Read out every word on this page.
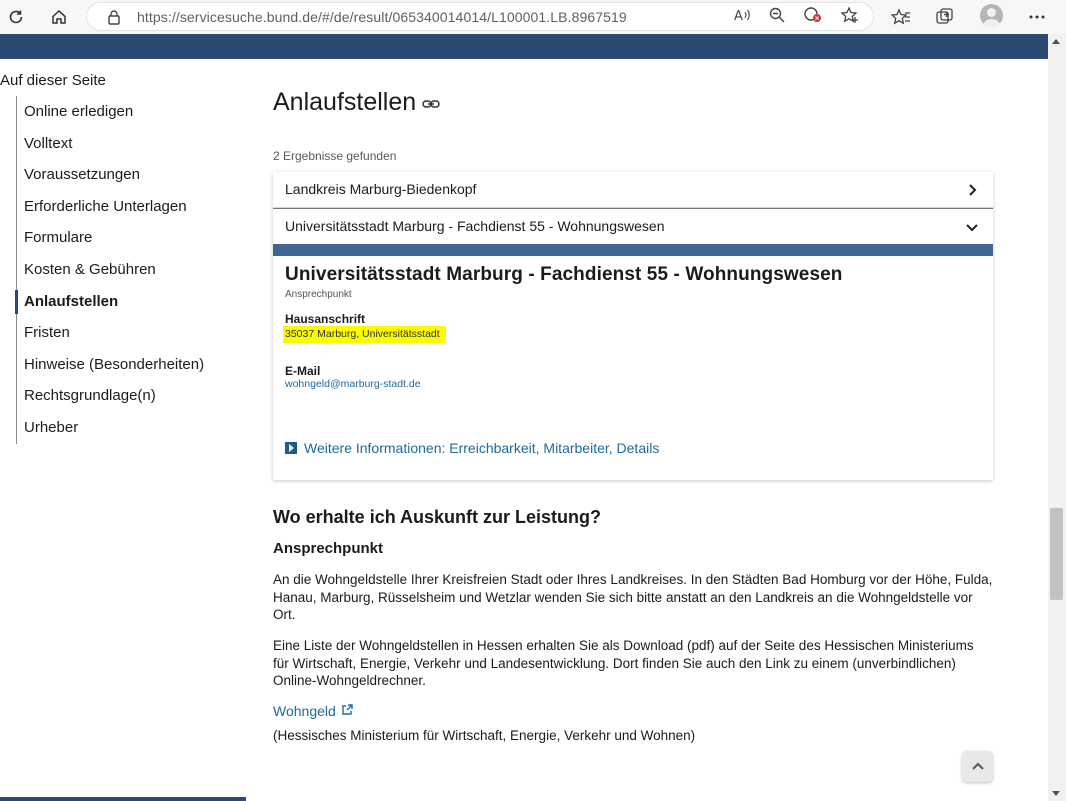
https://servicesuche.bund.de/#/de/result/065340014014/L100001.LB.8967519	A
Auf dieser Seite
Online erledigen
Volltext
Voraussetzungen
Erforderliche Unterlagen
Formulare
Kosten & Gebühren
Anlaufstellen
Fristen
Hinweise (Besonderheiten)
Rechtsgrundlage(n)
Urheber
Anlaufstellen
2 Ergebnisse gefunden
Landkreis Marburg-Biedenkopf
Universitätsstadt Marburg - Fachdienst 55 - Wohnungswesen
Universitätsstadt Marburg - Fachdienst 55 - Wohnungswesen
Ansprechpunkt
Hausanschrift
35037 Marburg, Universitätsstadt
E-Mail
wohngeld@marburg-stadt.de
Weitere Informationen: Erreichbarkeit, Mitarbeiter, Details
Wo erhalte ich Auskunft zur Leistung?
Ansprechpunkt

An die Wohngeldstelle Ihrer Kreisfreien Stadt oder Ihres Landkreises. In den Städten Bad Homburg vor der Höhe, Fulda, Hanau, Marburg, Rüsselsheim und Wetzlar wenden Sie sich bitte anstatt an den Landkreis an die Wohngeldstelle vor Ort.

Eine Liste der Wohngeldstellen in Hessen erhalten Sie als Download (pdf) auf der Seite des Hessischen Ministeriums für Wirtschaft, Energie, Verkehr und Landesentwicklung. Dort finden Sie auch den Link zu einem (unverbindlichen) Online-Wohngeldrechner.

Wohngeld
(Hessisches Ministerium für Wirtschaft, Energie, Verkehr und Wohnen)
